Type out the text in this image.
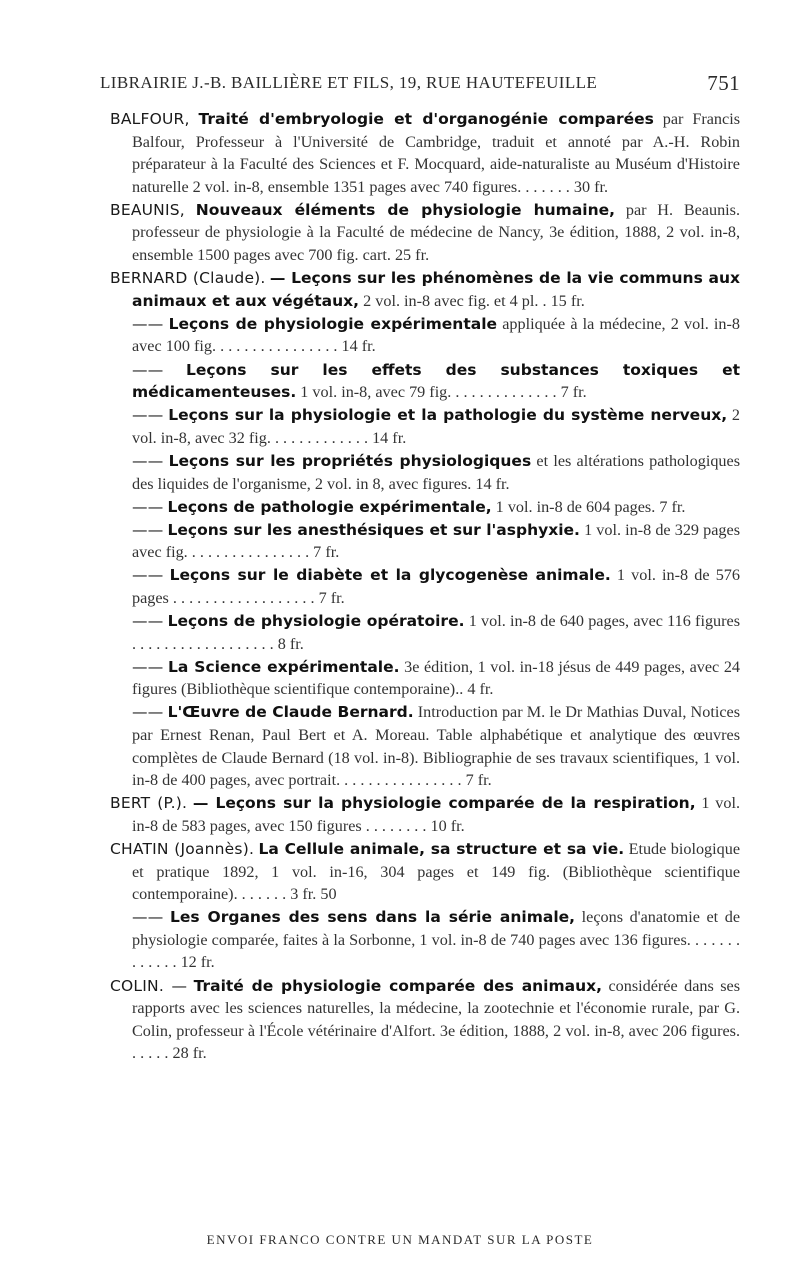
LIBRAIRIE J.-B. BAILLIÈRE ET FILS, 19, RUE HAUTEFEUILLE	751

BALFOUR, Traité d'embryologie et d'organogénie comparées par Francis Balfour, Professeur à l'Université de Cambridge, traduit et annoté par A.-H. Robin préparateur à la Faculté des Sciences et F. Mocquard, aide-naturaliste au Muséum d'Histoire naturelle 2 vol. in-8, ensemble 1351 pages avec 740 figures. . . . . . . 30 fr.

BEAUNIS, Nouveaux éléments de physiologie humaine, par H. Beaunis. professeur de physiologie à la Faculté de médecine de Nancy, 3e édition, 1888, 2 vol. in-8, ensemble 1500 pages avec 700 fig. cart. 25 fr.

BERNARD (Claude). — Leçons sur les phénomènes de la vie communs aux animaux et aux végétaux, 2 vol. in-8 avec fig. et 4 pl. . 15 fr.

—— Leçons de physiologie expérimentale appliquée à la médecine, 2 vol. in-8 avec 100 fig. . . . . . . . . . . . . . . . 14 fr.

—— Leçons sur les effets des substances toxiques et médicamenteuses. 1 vol. in-8, avec 79 fig. . . . . . . . . . . . . . 7 fr.

—— Leçons sur la physiologie et la pathologie du système nerveux, 2 vol. in-8, avec 32 fig. . . . . . . . . . . . . 14 fr.

—— Leçons sur les propriétés physiologiques et les altérations pathologiques des liquides de l'organisme, 2 vol. in 8, avec figures. 14 fr.

—— Leçons de pathologie expérimentale, 1 vol. in-8 de 604 pages. 7 fr.

—— Leçons sur les anesthésiques et sur l'asphyxie. 1 vol. in-8 de 329 pages avec fig. . . . . . . . . . . . . . . . 7 fr.

—— Leçons sur le diabète et la glycogenèse animale. 1 vol. in-8 de 576 pages . . . . . . . . . . . . . . . . . . 7 fr.

—— Leçons de physiologie opératoire. 1 vol. in-8 de 640 pages, avec 116 figures . . . . . . . . . . . . . . . . . . 8 fr.

—— La Science expérimentale. 3e édition, 1 vol. in-18 jésus de 449 pages, avec 24 figures (Bibliothèque scientifique contemporaine).. 4 fr.

—— L'Œuvre de Claude Bernard. Introduction par M. le Dr Mathias Duval, Notices par Ernest Renan, Paul Bert et A. Moreau. Table alphabétique et analytique des œuvres complètes de Claude Bernard (18 vol. in-8). Bibliographie de ses travaux scientifiques, 1 vol. in-8 de 400 pages, avec portrait. . . . . . . . . . . . . . . . 7 fr.

BERT (P.). — Leçons sur la physiologie comparée de la respiration, 1 vol. in-8 de 583 pages, avec 150 figures . . . . . . . . 10 fr.

CHATIN (Joannès). La Cellule animale, sa structure et sa vie. Etude biologique et pratique 1892, 1 vol. in-16, 304 pages et 149 fig. (Bibliothèque scientifique contemporaine). . . . . . . 3 fr. 50

—— Les Organes des sens dans la série animale, leçons d'anatomie et de physiologie comparée, faites à la Sorbonne, 1 vol. in-8 de 740 pages avec 136 figures. . . . . . . . . . . . . 12 fr.

COLIN. — Traité de physiologie comparée des animaux, considérée dans ses rapports avec les sciences naturelles, la médecine, la zootechnie et l'économie rurale, par G. Colin, professeur à l'École vétérinaire d'Alfort. 3e édition, 1888, 2 vol. in-8, avec 206 figures. . . . . . 28 fr.

ENVOI FRANCO CONTRE UN MANDAT SUR LA POSTE
